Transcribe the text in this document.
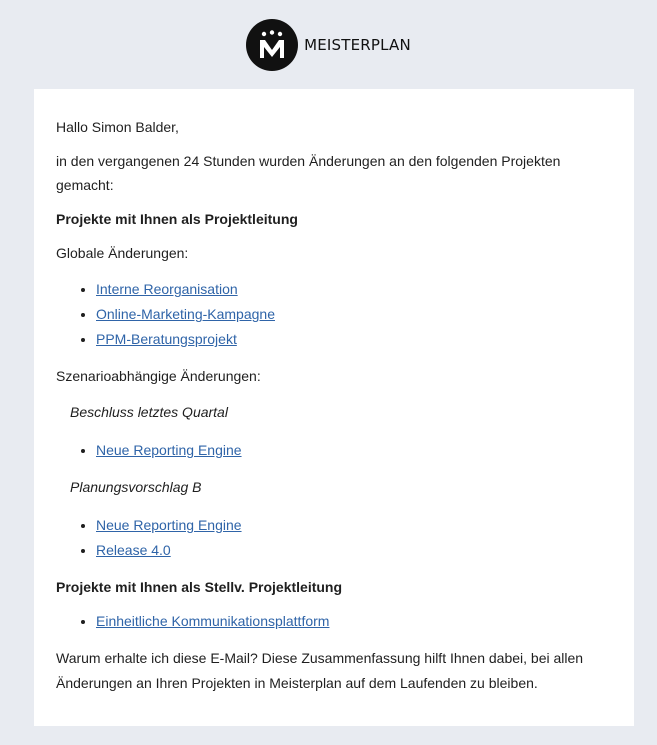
MEISTERPLAN

Hallo Simon Balder,

in den vergangenen 24 Stunden wurden Änderungen an den folgenden Projekten gemacht:

Projekte mit Ihnen als Projektleitung

Globale Änderungen:

• Interne Reorganisation
• Online-Marketing-Kampagne
• PPM-Beratungsprojekt

Szenarioabhängige Änderungen:

Beschluss letztes Quartal

• Neue Reporting Engine

Planungsvorschlag B

• Neue Reporting Engine
• Release 4.0

Projekte mit Ihnen als Stellv. Projektleitung

• Einheitliche Kommunikationsplattform

Warum erhalte ich diese E-Mail? Diese Zusammenfassung hilft Ihnen dabei, bei allen Änderungen an Ihren Projekten in Meisterplan auf dem Laufenden zu bleiben.
